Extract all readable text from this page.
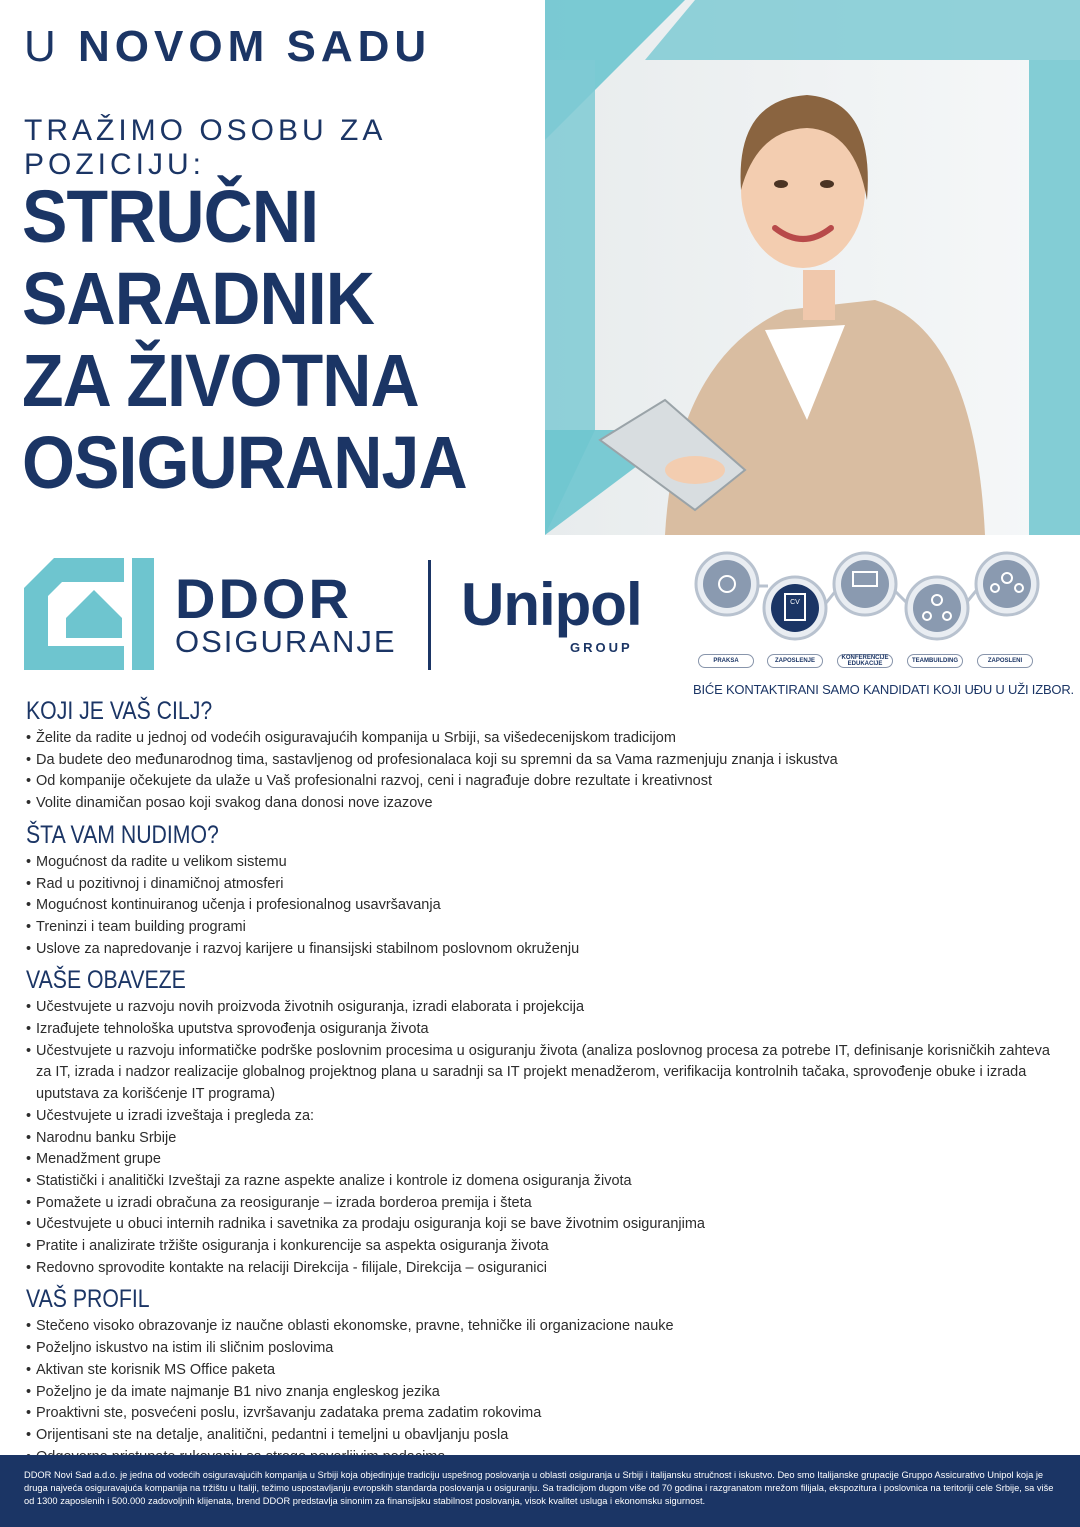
U NOVOM SADU
TRAŽIMO OSOBU ZA POZICIJU:
STRUČNI
SARADNIK
ZA ŽIVOTNA
OSIGURANJA
DDOR
OSIGURANJE
Unipol
GROUP
CV
PRAKSA	ZAPOSLENJE	KONFERENCIJE EDUKACIJE	TEAMBUILDING	ZAPOSLENI
BIĆE KONTAKTIRANI SAMO KANDIDATI KOJI UĐU U UŽI IZBOR.
KOJI JE VAŠ CILJ?
• Želite da radite u jednoj od vodećih osiguravajućih kompanija u Srbiji, sa višedecenijskom tradicijom
• Da budete deo međunarodnog tima, sastavljenog od profesionalaca koji su spremni da sa Vama razmenjuju znanja i iskustva
• Od kompanije očekujete da ulaže u Vaš profesionalni razvoj, ceni i nagrađuje dobre rezultate i kreativnost
• Volite dinamičan posao koji svakog dana donosi nove izazove
ŠTA VAM NUDIMO?
• Mogućnost da radite u velikom sistemu
• Rad u pozitivnoj i dinamičnoj atmosferi
• Mogućnost kontinuiranog učenja i profesionalnog usavršavanja
• Treninzi i team building programi
• Uslove za napredovanje i razvoj karijere u finansijski stabilnom poslovnom okruženju
VAŠE OBAVEZE
• Učestvujete u razvoju novih proizvoda životnih osiguranja, izradi elaborata i projekcija
• Izrađujete tehnološka uputstva sprovođenja osiguranja života
• Učestvujete u razvoju informatičke podrške poslovnim procesima u osiguranju života (analiza poslovnog procesa za potrebe IT, definisanje korisničkih zahteva za IT, izrada i nadzor realizacije globalnog projektnog plana u saradnji sa IT projekt menadžerom, verifikacija kontrolnih tačaka, sprovođenje obuke i izrada uputstava za korišćenje IT programa)
• Učestvujete u izradi izveštaja i pregleda za:
• Narodnu banku Srbije
• Menadžment grupe
• Statistički i analitički Izveštaji za razne aspekte analize i kontrole iz domena osiguranja života
• Pomažete u izradi obračuna za reosiguranje – izrada borderoa premija i šteta
• Učestvujete u obuci internih radnika i savetnika za prodaju osiguranja koji se bave životnim osiguranjima
• Pratite i analizirate tržište osiguranja i konkurencije sa aspekta osiguranja života
• Redovno sprovodite kontakte na relaciji Direkcija - filijale, Direkcija – osiguranici
VAŠ PROFIL
• Stečeno visoko obrazovanje iz naučne oblasti ekonomske, pravne, tehničke ili organizacione nauke
• Poželjno iskustvo na istim ili sličnim poslovima
• Aktivan ste korisnik MS Office paketa
• Poželjno je da imate najmanje B1 nivo znanja engleskog jezika
• Proaktivni ste, posvećeni poslu, izvršavanju zadataka prema zadatim rokovima
• Orijentisani ste na detalje, analitični, pedantni i temeljni u obavljanju posla
•
DDOR Novi Sad a.d.o. je jedna od vodećih osiguravajućih kompanija u Srbiji koja objedinjuje tradiciju uspešnog poslovanja u oblasti osiguranja u Srbiji i italijansku stručnost i iskustvo. Deo smo Italijanske grupacije Gruppo Assicurativo Unipol koja je druga najveća osiguravajuća kompanija na tržištu u Italiji, težimo uspostavljanju evropskih standarda poslovanja u osiguranju. Sa tradicijom dugom više od 70 godina i razgranatom mrežom filijala, ekspozitura i poslovnica na teritoriji cele Srbije, sa više od 1300 zaposlenih i 500.000 zadovoljnih klijenata, brend DDOR predstavlja sinonim za finansijsku stabilnost poslovanja, visok kvalitet usluga i ekonomsku sigurnost.
